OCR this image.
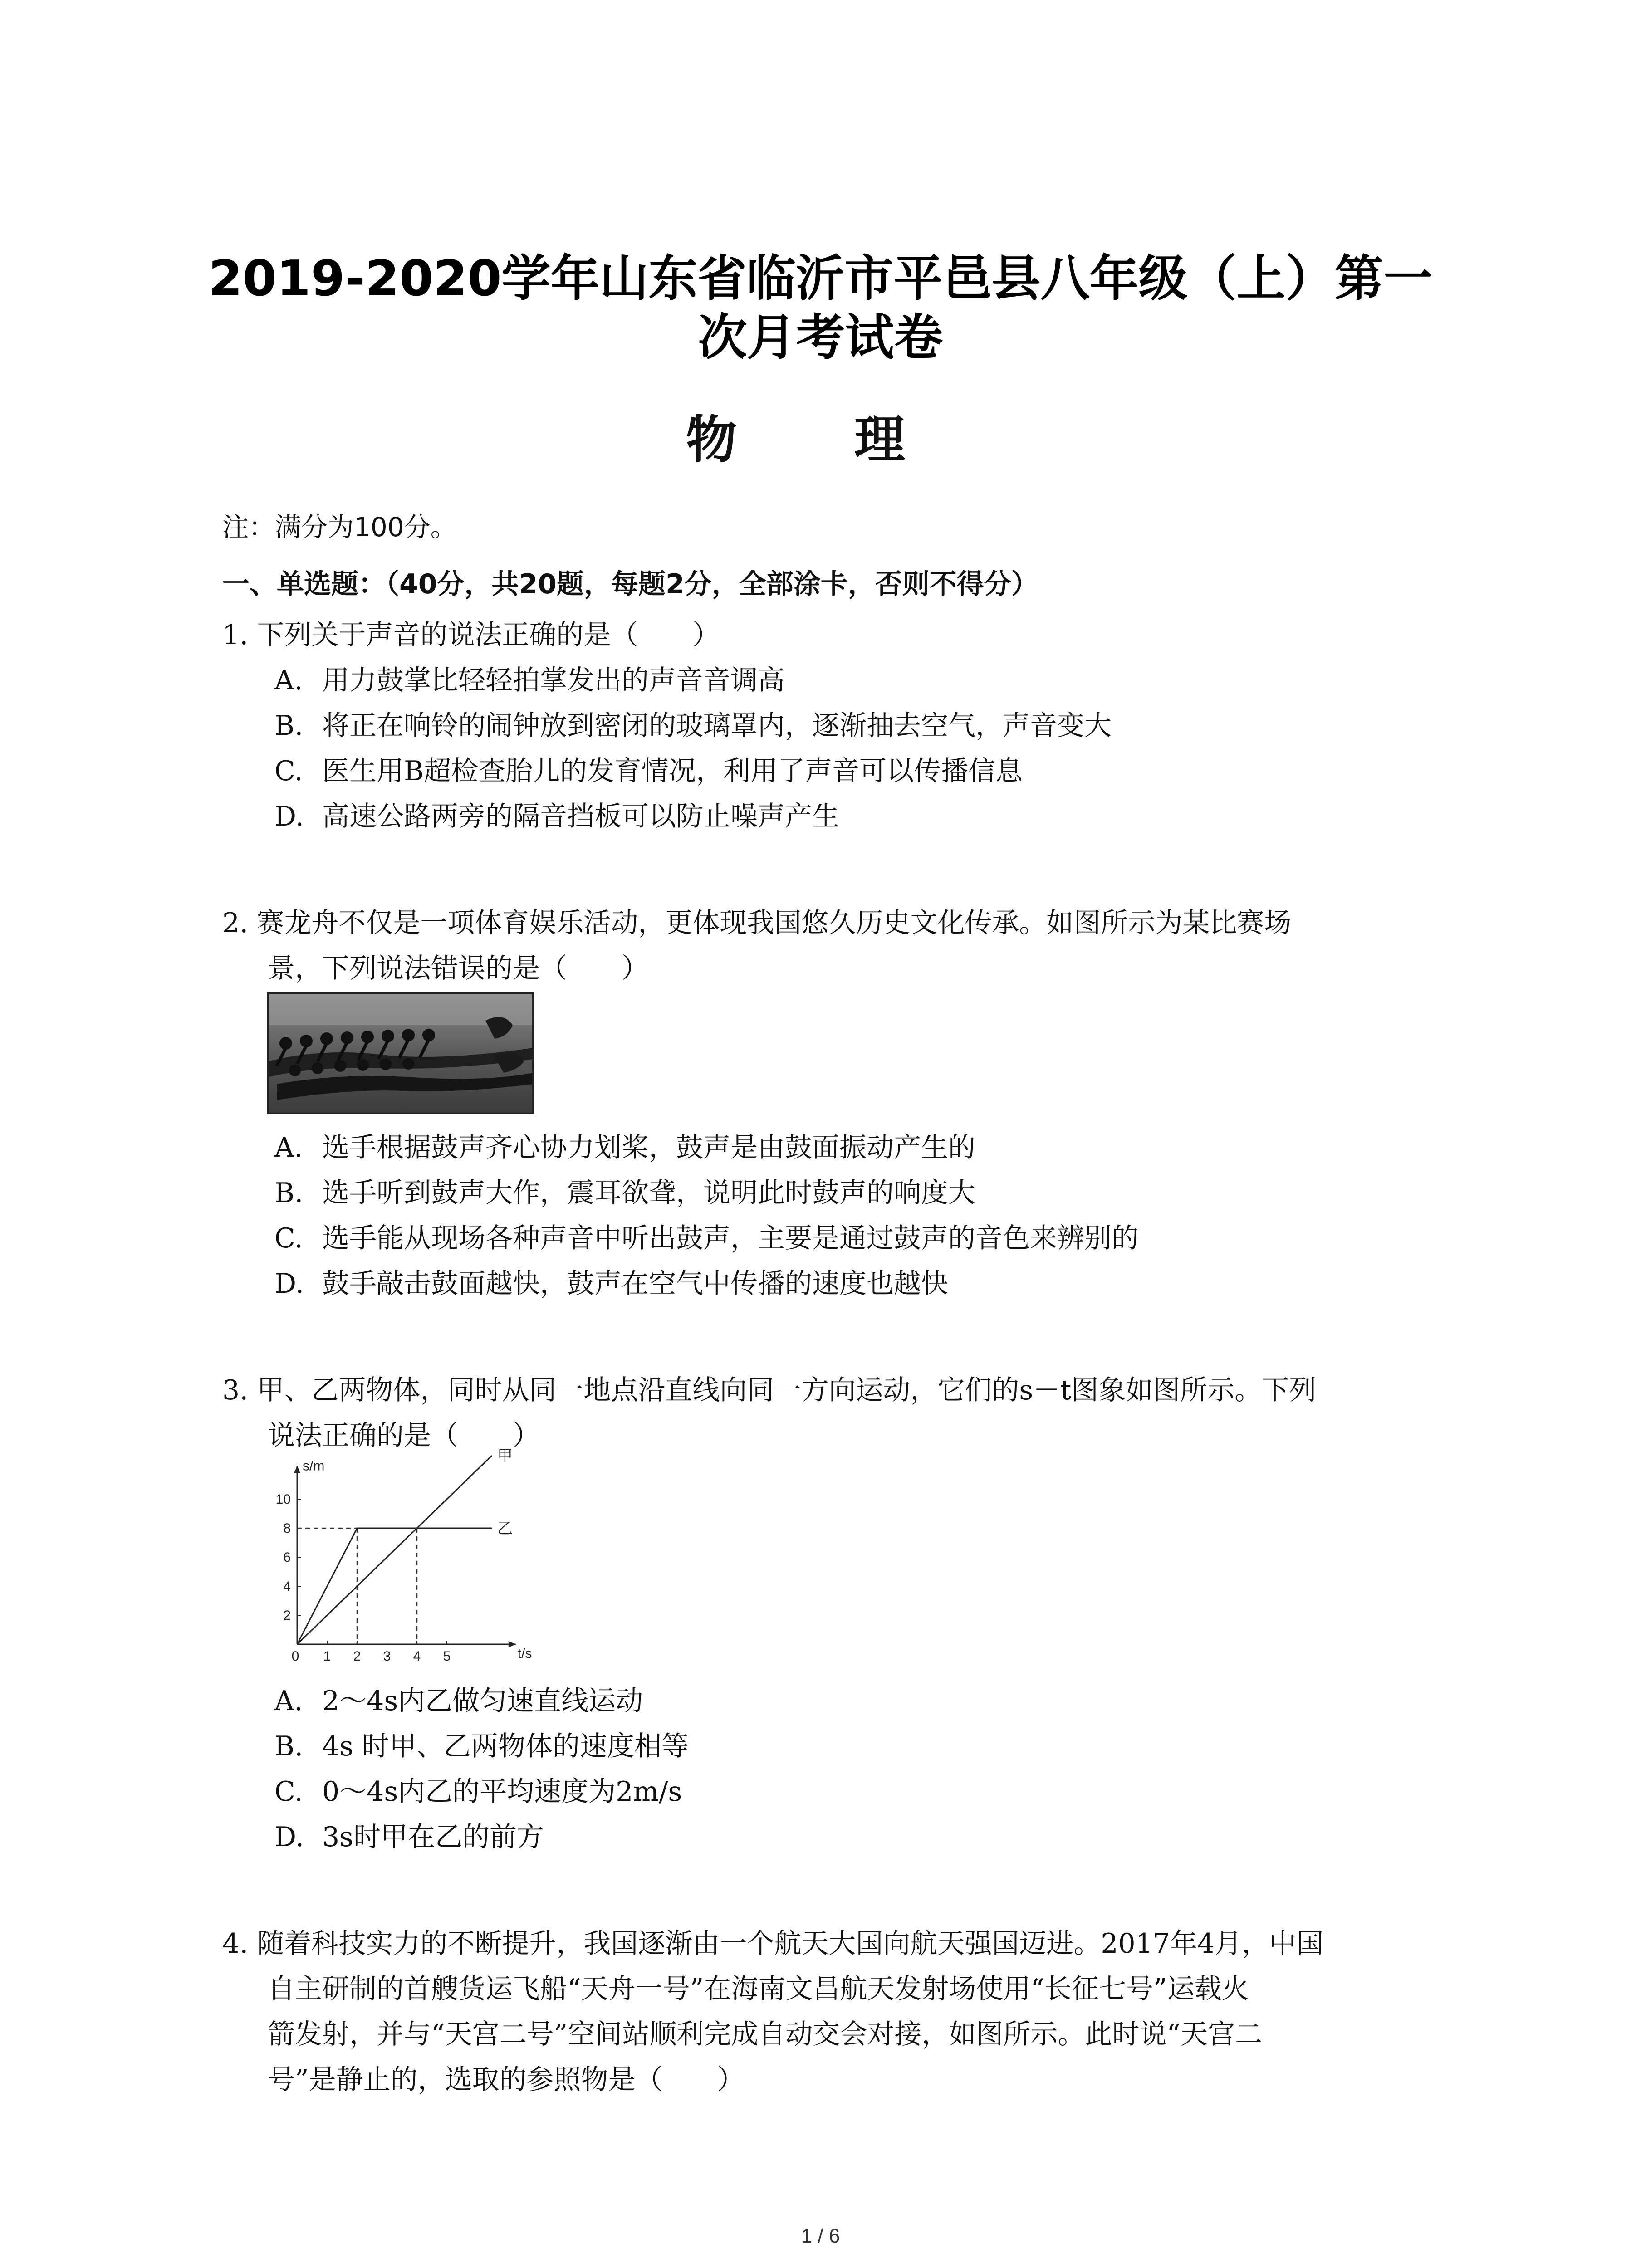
2019-2020学年山东省临沂市平邑县八年级（上）第一
次月考试卷
物 理
注：满分为100分。
一、单选题：（40分，共20题，每题2分，全部涂卡，否则不得分）
1. 下列关于声音的说法正确的是（　　）
A. 用力鼓掌比轻轻拍掌发出的声音音调高
B. 将正在响铃的闹钟放到密闭的玻璃罩内，逐渐抽去空气，声音变大
C. 医生用B超检查胎儿的发育情况，利用了声音可以传播信息
D. 高速公路两旁的隔音挡板可以防止噪声产生
2. 赛龙舟不仅是一项体育娱乐活动，更体现我国悠久历史文化传承。如图所示为某比赛场
景，下列说法错误的是（　　）
A. 选手根据鼓声齐心协力划桨，鼓声是由鼓面振动产生的
B. 选手听到鼓声大作，震耳欲聋，说明此时鼓声的响度大
C. 选手能从现场各种声音中听出鼓声，主要是通过鼓声的音色来辨别的
D. 鼓手敲击鼓面越快，鼓声在空气中传播的速度也越快
3. 甲、乙两物体，同时从同一地点沿直线向同一方向运动，它们的s－t图象如图所示。下列
说法正确的是（　　）
0 1 2 3 4 5
2
4
6
8
10
t/s
s/m
甲
乙
A. 2～4s内乙做匀速直线运动
B. 4s 时甲、乙两物体的速度相等
C. 0～4s内乙的平均速度为2m/s
D. 3s时甲在乙的前方
4. 随着科技实力的不断提升，我国逐渐由一个航天大国向航天强国迈进。2017年4月，中国
自主研制的首艘货运飞船“天舟一号”在海南文昌航天发射场使用“长征七号”运载火
箭发射，并与“天宫二号”空间站顺利完成自动交会对接，如图所示。此时说“天宫二
号”是静止的，选取的参照物是（　　）
1 / 6
